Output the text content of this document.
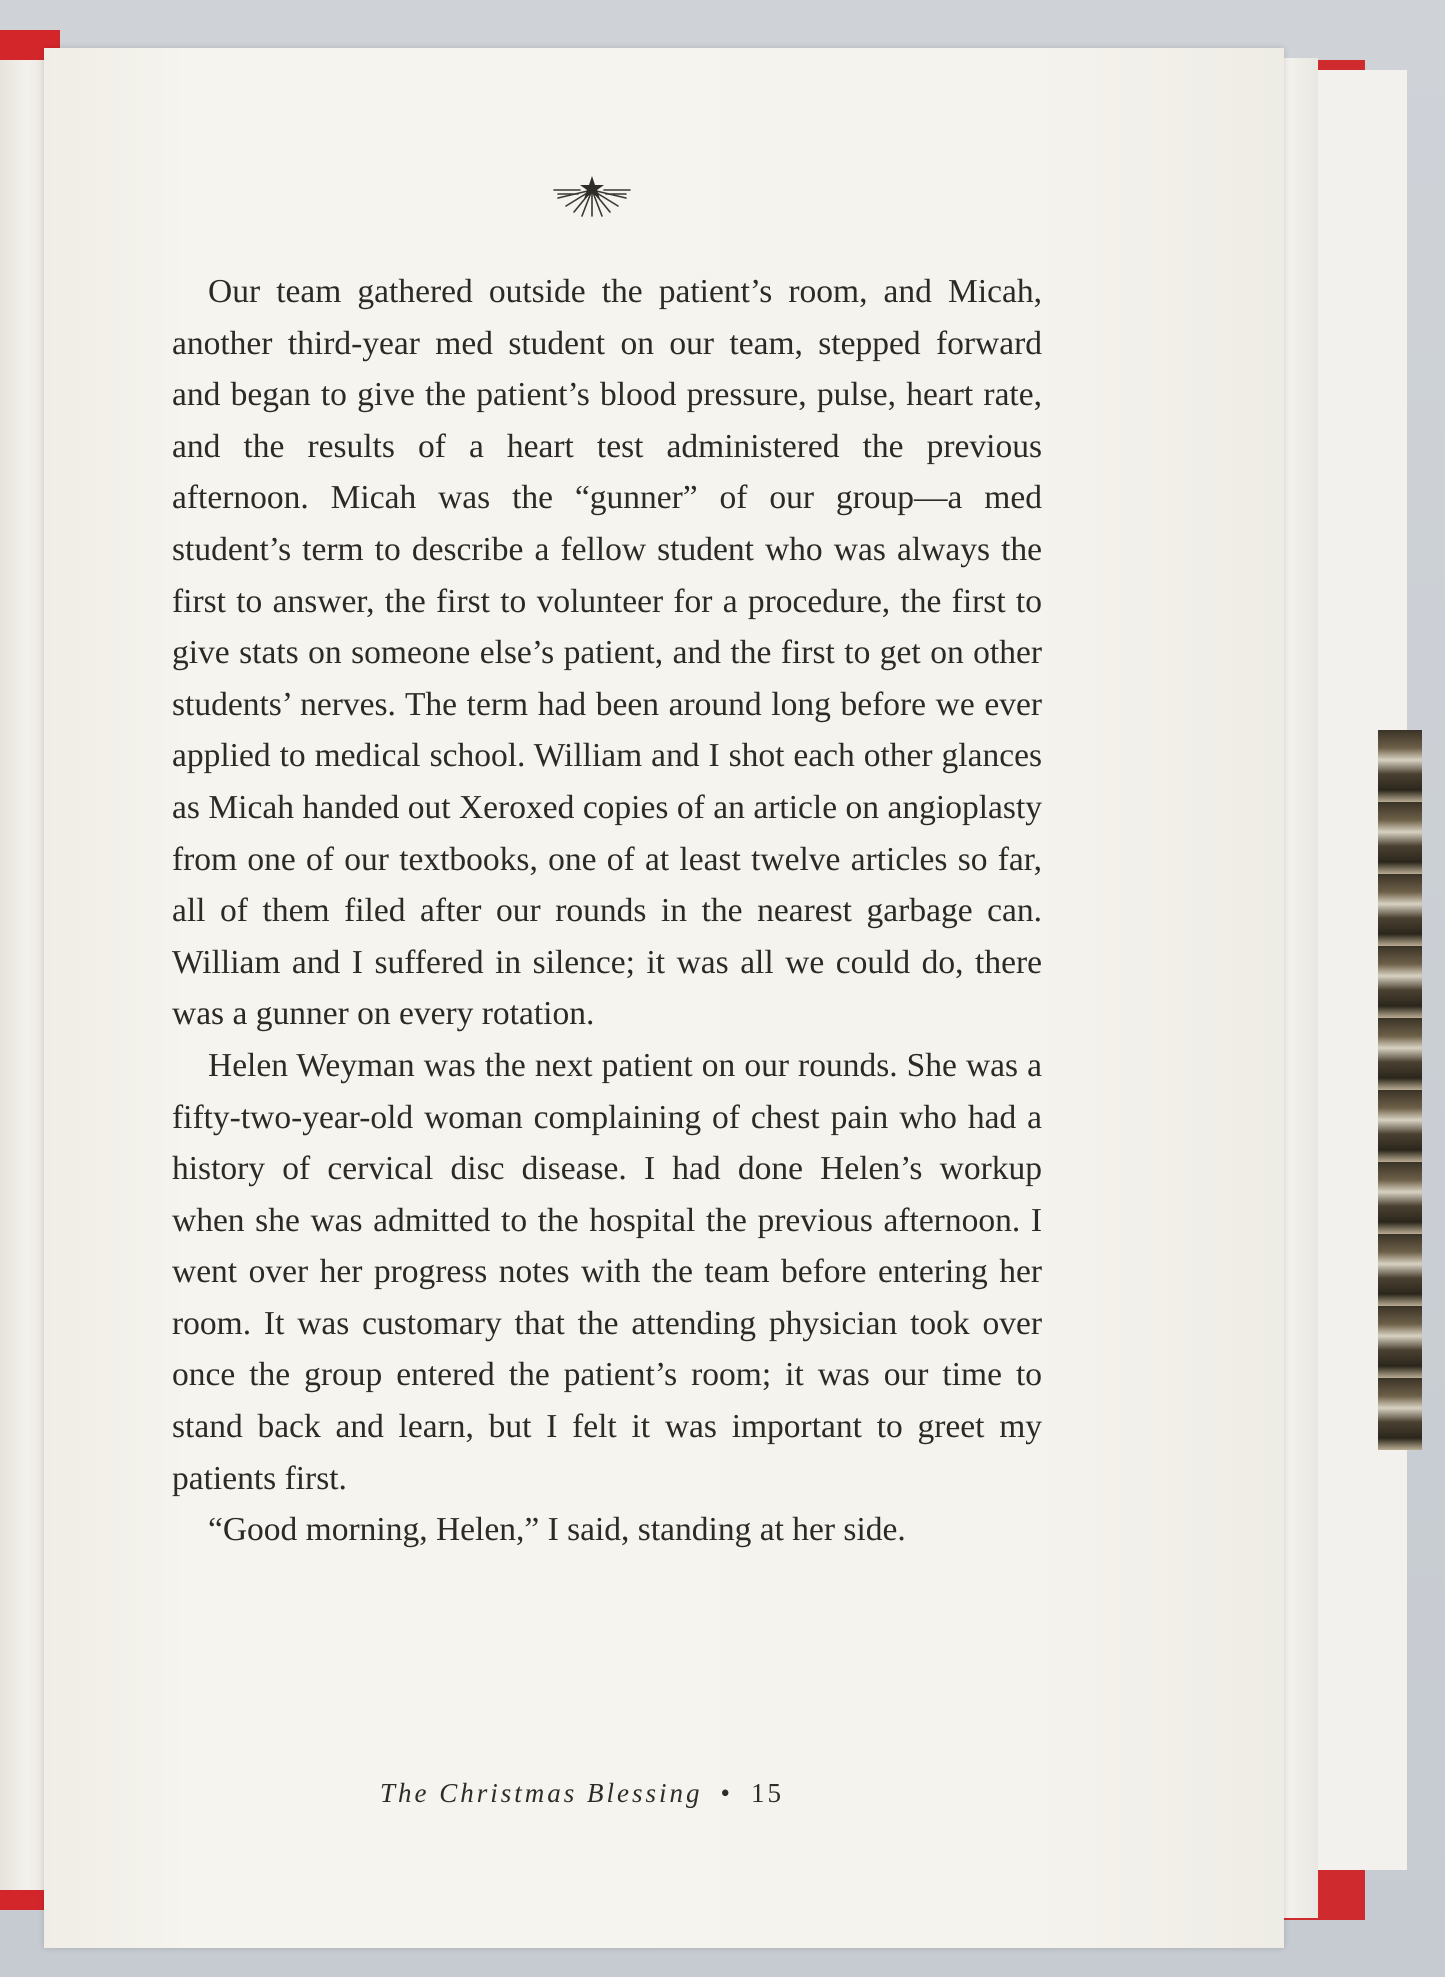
Our team gathered outside the patient’s room, and Micah, another third-year med student on our team, stepped forward and began to give the patient’s blood pressure, pulse, heart rate, and the results of a heart test administered the previous afternoon. Micah was the “gunner” of our group—a med student’s term to describe a fellow student who was always the first to answer, the first to volunteer for a procedure, the first to give stats on someone else’s patient, and the first to get on other students’ nerves. The term had been around long before we ever applied to medical school. William and I shot each other glances as Micah handed out Xeroxed copies of an article on angioplasty from one of our textbooks, one of at least twelve articles so far, all of them filed after our rounds in the nearest garbage can. William and I suffered in silence; it was all we could do, there was a gunner on every rotation.

Helen Weyman was the next patient on our rounds. She was a fifty-two-year-old woman complaining of chest pain who had a history of cervical disc disease. I had done Helen’s workup when she was admitted to the hospital the previous afternoon. I went over her progress notes with the team before entering her room. It was customary that the attending physician took over once the group entered the patient’s room; it was our time to stand back and learn, but I felt it was important to greet my patients first.

“Good morning, Helen,” I said, standing at her side.

The Christmas Blessing • 15
